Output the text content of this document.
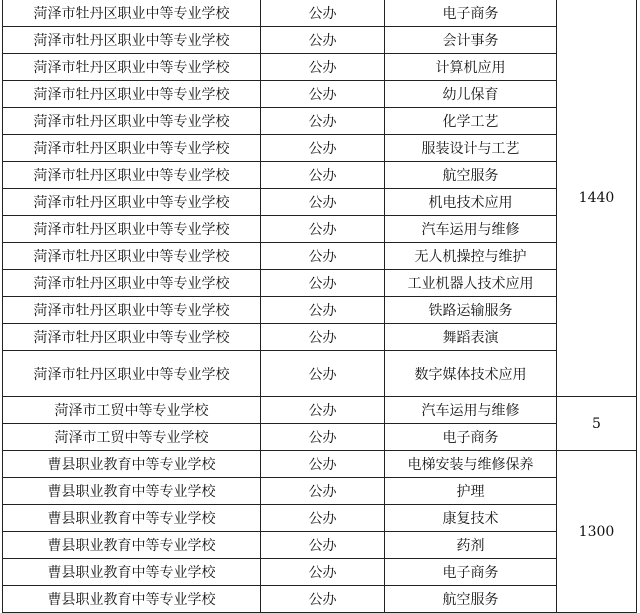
菏泽市牡丹区职业中等专业学校	公办	电子商务	1440
菏泽市牡丹区职业中等专业学校	公办	会计事务	
菏泽市牡丹区职业中等专业学校	公办	计算机应用	
菏泽市牡丹区职业中等专业学校	公办	幼儿保育	
菏泽市牡丹区职业中等专业学校	公办	化学工艺	
菏泽市牡丹区职业中等专业学校	公办	服装设计与工艺	
菏泽市牡丹区职业中等专业学校	公办	航空服务	
菏泽市牡丹区职业中等专业学校	公办	机电技术应用	
菏泽市牡丹区职业中等专业学校	公办	汽车运用与维修	
菏泽市牡丹区职业中等专业学校	公办	无人机操控与维护	
菏泽市牡丹区职业中等专业学校	公办	工业机器人技术应用	
菏泽市牡丹区职业中等专业学校	公办	铁路运输服务	
菏泽市牡丹区职业中等专业学校	公办	舞蹈表演	
菏泽市牡丹区职业中等专业学校	公办	数字媒体技术应用	
菏泽市工贸中等专业学校	公办	汽车运用与维修	5
菏泽市工贸中等专业学校	公办	电子商务	
曹县职业教育中等专业学校	公办	电梯安装与维修保养	1300
曹县职业教育中等专业学校	公办	护理	
曹县职业教育中等专业学校	公办	康复技术	
曹县职业教育中等专业学校	公办	药剂	
曹县职业教育中等专业学校	公办	电子商务	
曹县职业教育中等专业学校	公办	航空服务	
